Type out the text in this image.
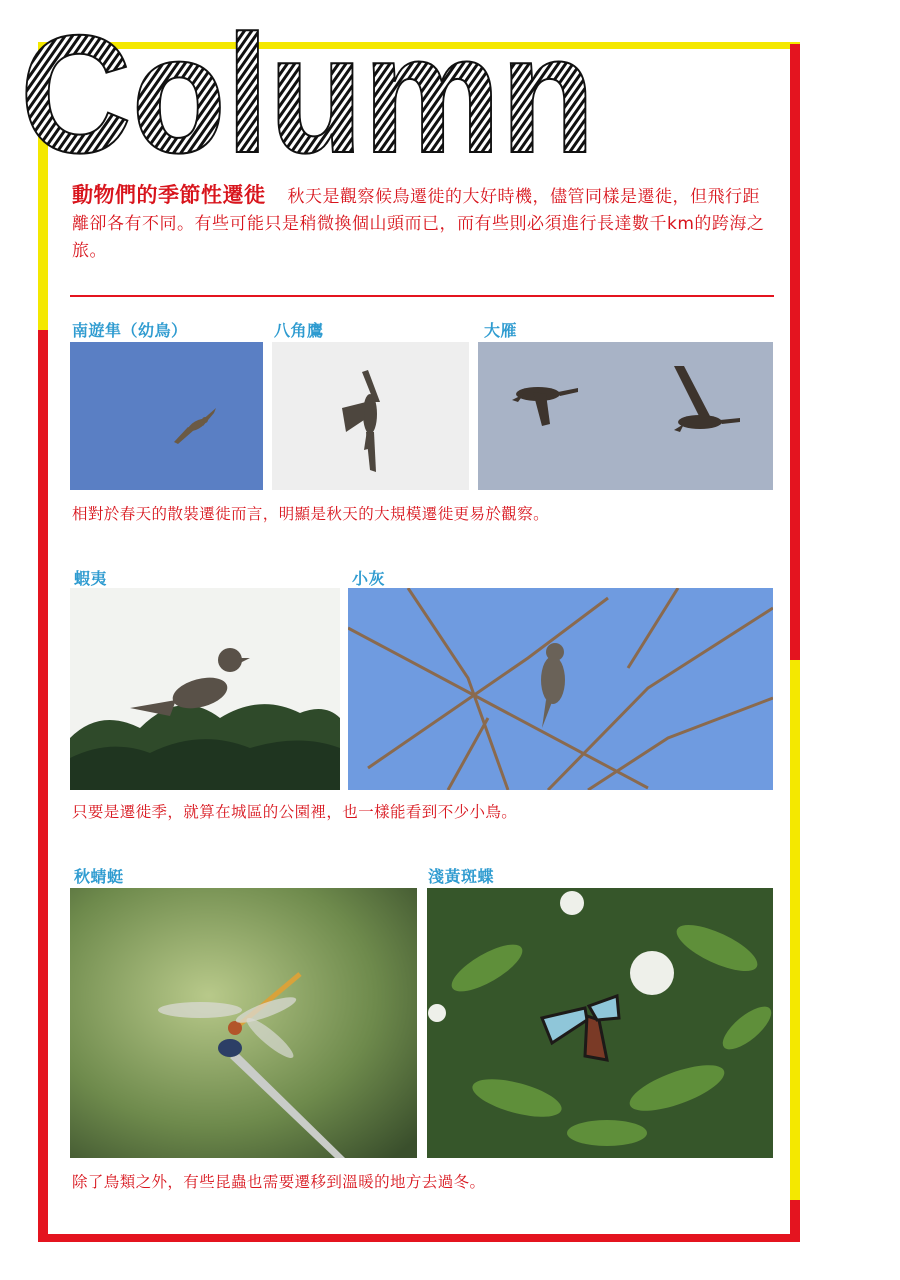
Column
動物們的季節性遷徙 秋天是觀察候鳥遷徙的大好時機，儘管同樣是遷徙，但飛行距離卻各有不同。有些可能只是稍微換個山頭而已，而有些則必須進行長達數千km的跨海之旅。
南遊隼（幼鳥）	八角鷹	大雁
相對於春天的散裝遷徙而言，明顯是秋天的大規模遷徙更易於觀察。
蝦夷	小灰
只要是遷徙季，就算在城區的公園裡，也一樣能看到不少小鳥。
秋蜻蜓	淺黃斑蝶
除了鳥類之外，有些昆蟲也需要遷移到溫暖的地方去過冬。
